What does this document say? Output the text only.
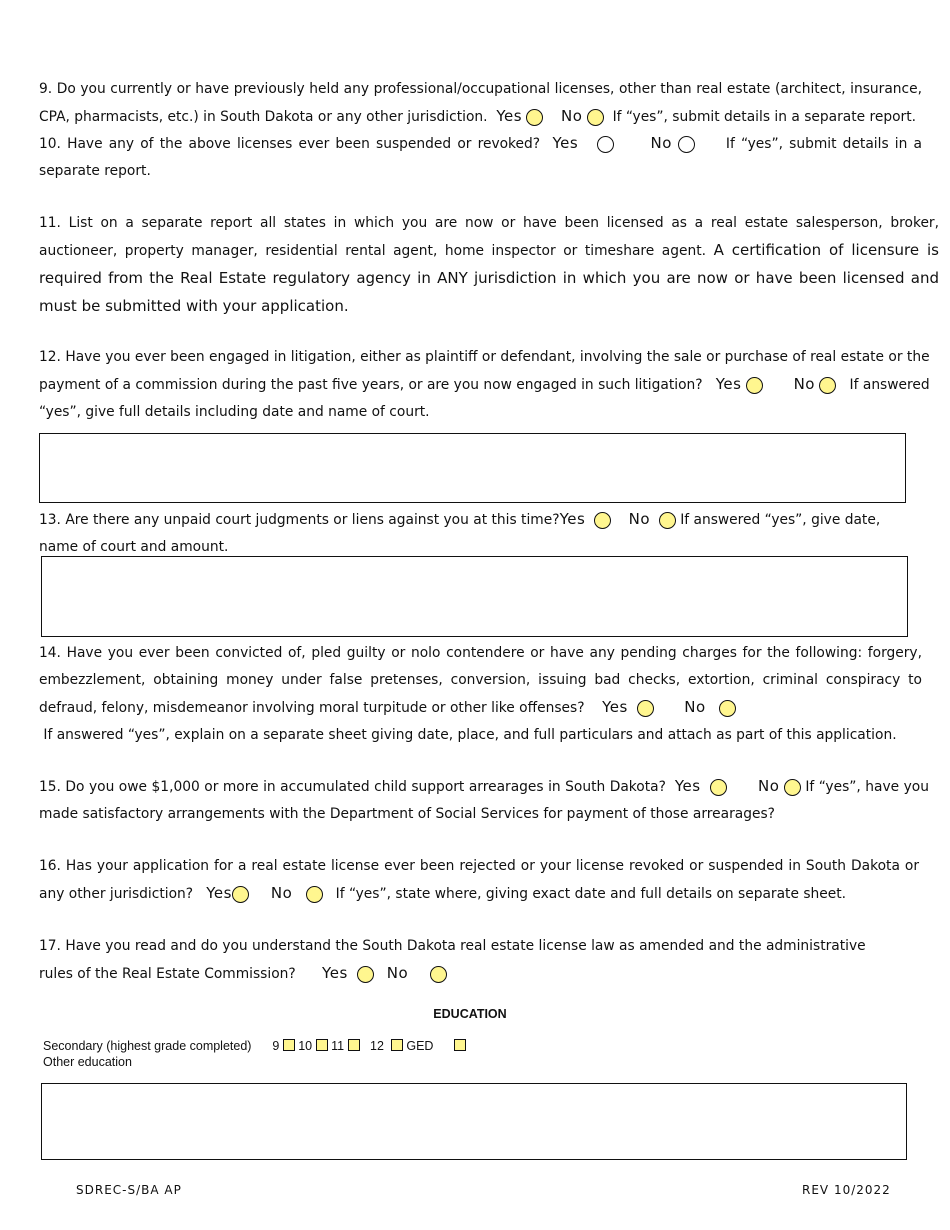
9. Do you currently or have previously held any professional/occupational licenses, other than real estate (architect, insurance, CPA, pharmacists, etc.) in South Dakota or any other jurisdiction. Yes	No If “yes”, submit details in a separate report.
10. Have any of the above licenses ever been suspended or revoked? Yes	No	If “yes”, submit details in a separate report.
11. List on a separate report all states in which you are now or have been licensed as a real estate salesperson, broker, auctioneer, property manager, residential rental agent, home inspector or timeshare agent. A certification of licensure is required from the Real Estate regulatory agency in ANY jurisdiction in which you are now or have been licensed and must be submitted with your application.
12. Have you ever been engaged in litigation, either as plaintiff or defendant, involving the sale or purchase of real estate or the payment of a commission during the past five years, or are you now engaged in such litigation? Yes	No	If answered “yes”, give full details including date and name of court.
13. Are there any unpaid court judgments or liens against you at this time?Yes	No If answered “yes”, give date, name of court and amount.
14. Have you ever been convicted of, pled guilty or nolo contendere or have any pending charges for the following: forgery, embezzlement, obtaining money under false pretenses, conversion, issuing bad checks, extortion, criminal conspiracy to defraud, felony, misdemeanor involving moral turpitude or other like offenses? Yes	No
If answered “yes”, explain on a separate sheet giving date, place, and full particulars and attach as part of this application.
15. Do you owe $1,000 or more in accumulated child support arrearages in South Dakota? Yes	No If “yes”, have you made satisfactory arrangements with the Department of Social Services for payment of those arrearages?
16. Has your application for a real estate license ever been rejected or your license revoked or suspended in South Dakota or any other jurisdiction? Yes	No	If “yes”, state where, giving exact date and full details on separate sheet.
17. Have you read and do you understand the South Dakota real estate license law as amended and the administrative
rules of the Real Estate Commission? Yes	No
EDUCATION
Secondary (highest grade completed) 9 10 11 12 GED
Other education
SDREC-S/BA AP	REV 10/2022
